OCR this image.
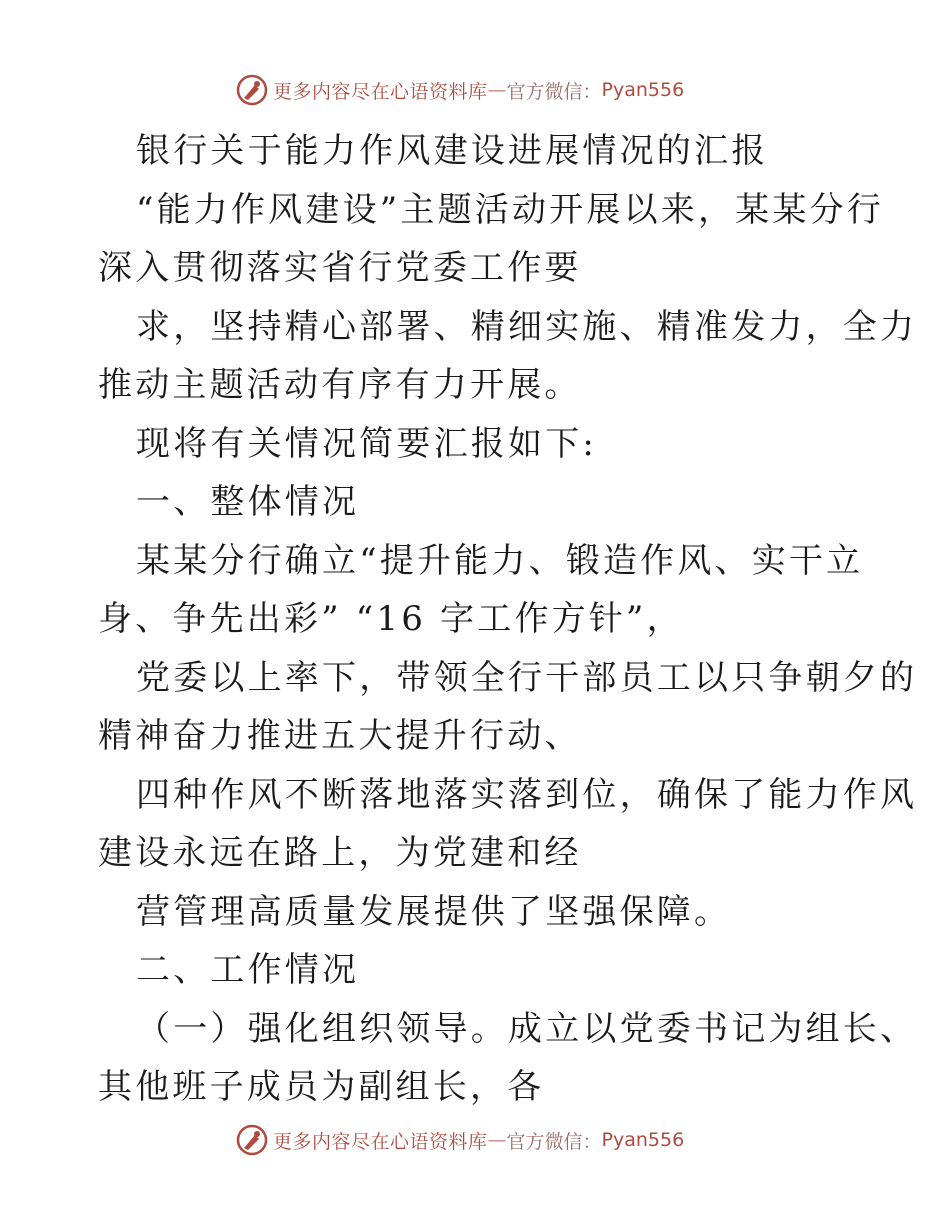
更多内容尽在心语资料库 — 官方微信： Pyan556
银行关于能力作风建设进展情况的汇报
“能力作风建设”主题活动开展以来，某某分行
深入贯彻落实省行党委工作要
求，坚持精心部署、精细实施、精准发力，全力
推动主题活动有序有力开展。
现将有关情况简要汇报如下:
一、整体情况
某某分行确立“提升能力、锻造作风、实干立
身、争先出彩” “16 字工作方针”，
党委以上率下，带领全行干部员工以只争朝夕的
精神奋力推进五大提升行动、
四种作风不断落地落实落到位，确保了能力作风
建设永远在路上，为党建和经
营管理高质量发展提供了坚强保障。
二、工作情况
（一）强化组织领导。成立以党委书记为组长、
其他班子成员为副组长，各
更多内容尽在心语资料库 — 官方微信： Pyan556
